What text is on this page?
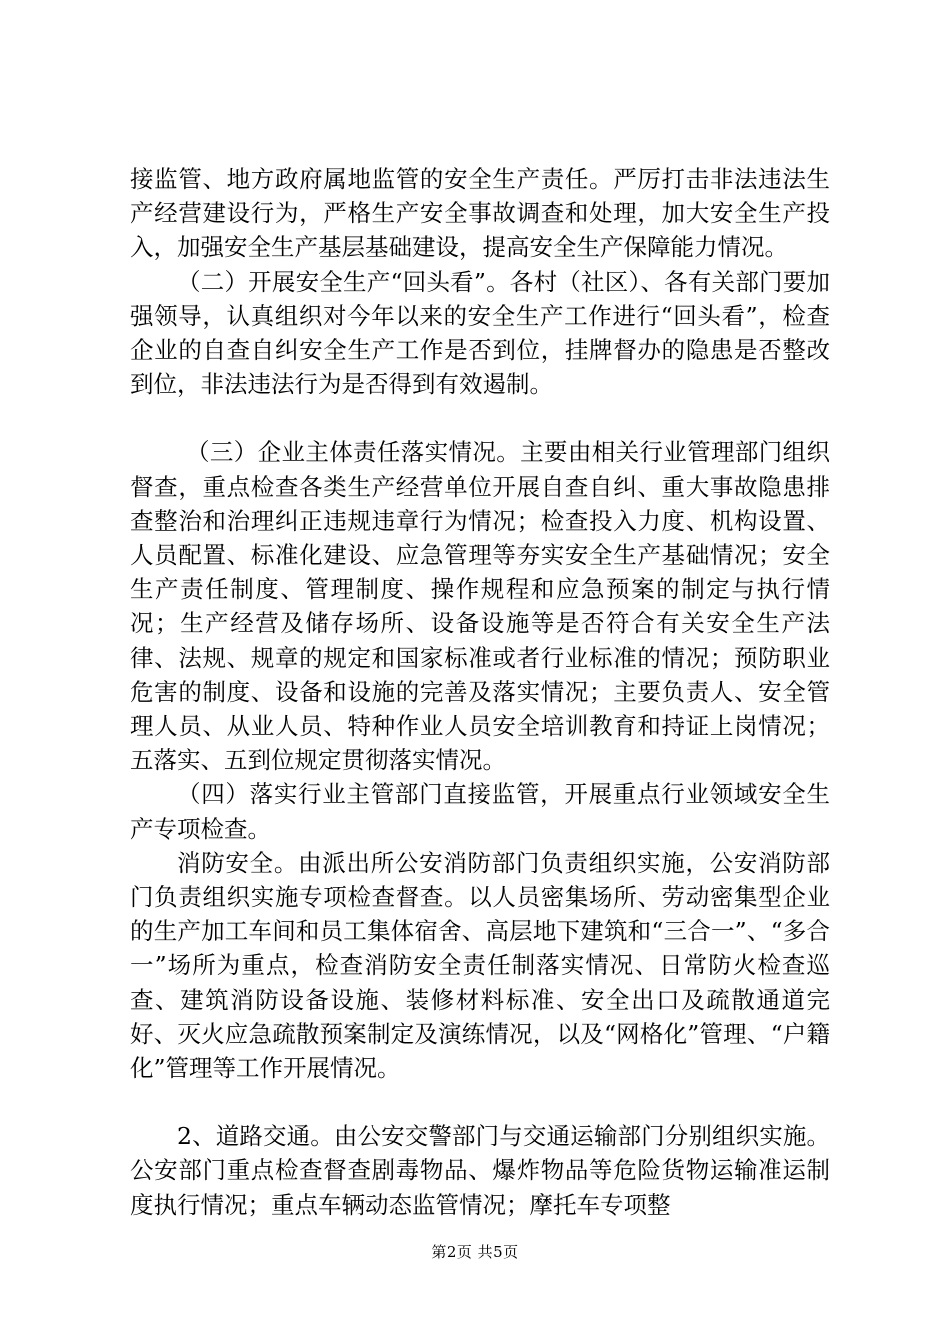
接监管、地方政府属地监管的安全生产责任。严厉打击非法违法生产经营建设行为，严格生产安全事故调查和处理，加大安全生产投入，加强安全生产基层基础建设，提高安全生产保障能力情况。

（二）开展安全生产“回头看”。各村（社区）、各有关部门要加强领导，认真组织对今年以来的安全生产工作进行“回头看”，检查企业的自查自纠安全生产工作是否到位，挂牌督办的隐患是否整改到位，非法违法行为是否得到有效遏制。

（三）企业主体责任落实情况。主要由相关行业管理部门组织督查，重点检查各类生产经营单位开展自查自纠、重大事故隐患排查整治和治理纠正违规违章行为情况；检查投入力度、机构设置、人员配置、标准化建设、应急管理等夯实安全生产基础情况；安全生产责任制度、管理制度、操作规程和应急预案的制定与执行情况；生产经营及储存场所、设备设施等是否符合有关安全生产法律、法规、规章的规定和国家标准或者行业标准的情况；预防职业危害的制度、设备和设施的完善及落实情况；主要负责人、安全管理人员、从业人员、特种作业人员安全培训教育和持证上岗情况；五落实、五到位规定贯彻落实情况。

（四）落实行业主管部门直接监管，开展重点行业领域安全生产专项检查。

消防安全。由派出所公安消防部门负责组织实施，公安消防部门负责组织实施专项检查督查。以人员密集场所、劳动密集型企业的生产加工车间和员工集体宿舍、高层地下建筑和“三合一”、“多合一”场所为重点，检查消防安全责任制落实情况、日常防火检查巡查、建筑消防设备设施、装修材料标准、安全出口及疏散通道完好、灭火应急疏散预案制定及演练情况，以及“网格化”管理、“户籍化”管理等工作开展情况。

2、道路交通。由公安交警部门与交通运输部门分别组织实施。公安部门重点检查督查剧毒物品、爆炸物品等危险货物运输准运制度执行情况；重点车辆动态监管情况；摩托车专项整

第2页 共5页
